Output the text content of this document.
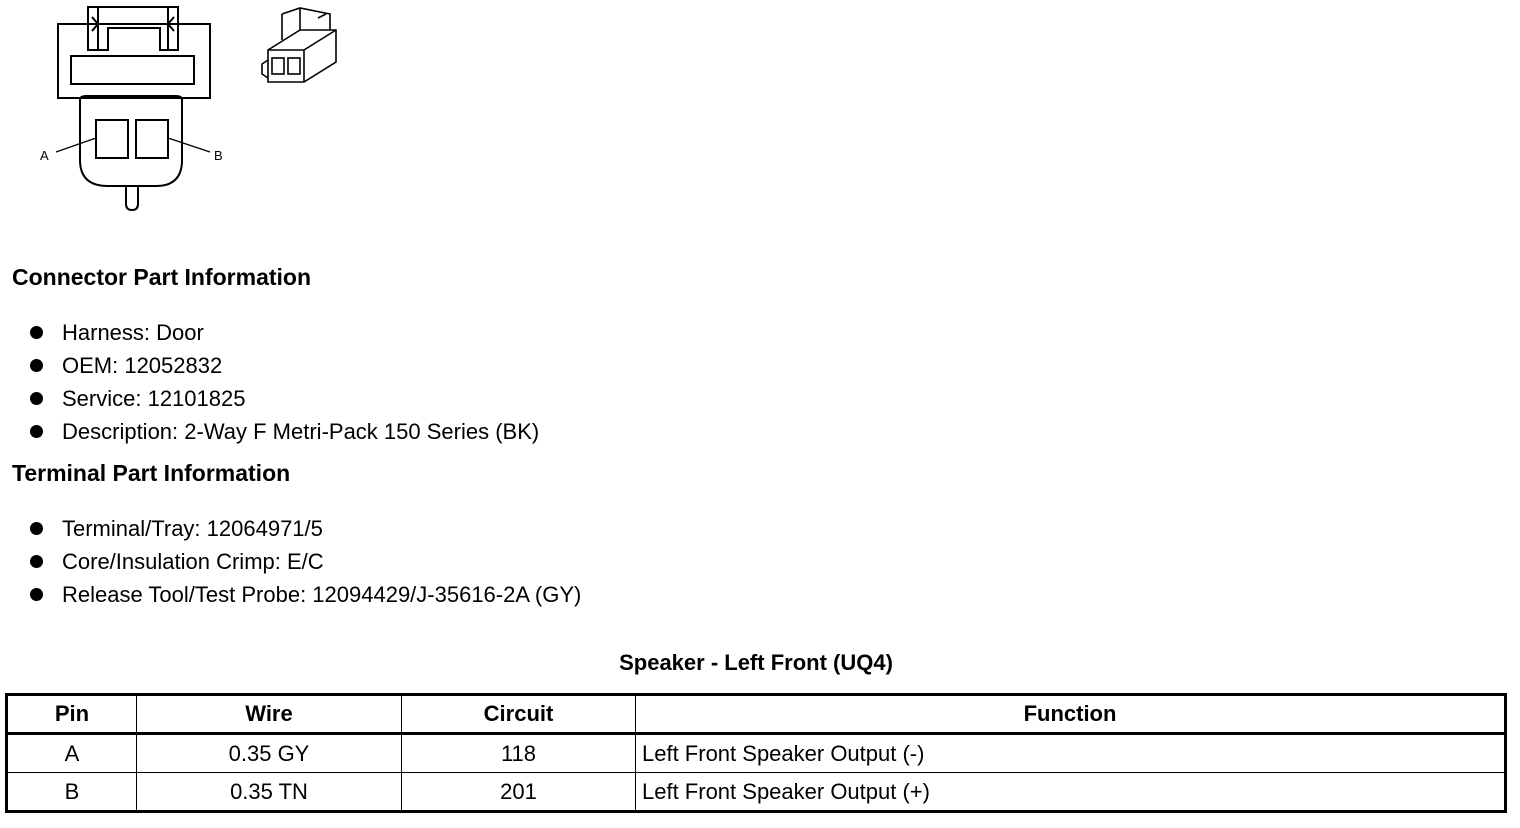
A	B
Connector Part Information
Harness: Door
OEM: 12052832
Service: 12101825
Description: 2-Way F Metri-Pack 150 Series (BK)
Terminal Part Information
Terminal/Tray: 12064971/5
Core/Insulation Crimp: E/C
Release Tool/Test Probe: 12094429/J-35616-2A (GY)
Speaker - Left Front (UQ4)
Pin	Wire	Circuit	Function
A	0.35 GY	118	Left Front Speaker Output (-)
B	0.35 TN	201	Left Front Speaker Output (+)
